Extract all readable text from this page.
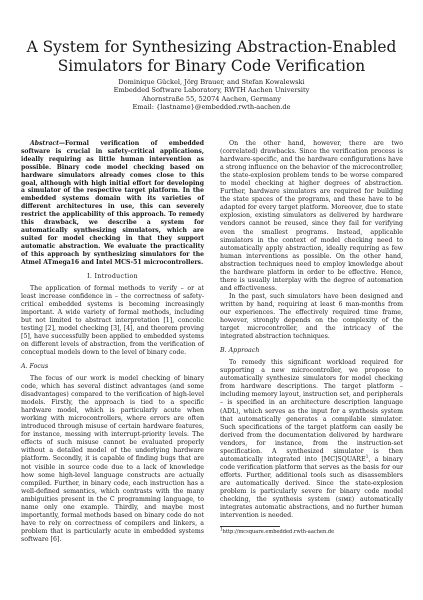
A System for Synthesizing Abstraction-Enabled
Simulators for Binary Code Verification
Dominique Gückel, Jörg Brauer, and Stefan Kowalewski
Embedded Software Laboratory, RWTH Aachen University
Ahornstraße 55, 52074 Aachen, Germany
Email: {lastname}@embedded.rwth-aachen.de

Abstract—Formal verification of embedded software is crucial in safety-critical applications, ideally requiring as little human intervention as possible. Binary code model checking based on hardware simulators already comes close to this goal, although with high initial effort for developing a simulator of the respective target platform. In the embedded systems domain with its varieties of different architectures in use, this can severely restrict the applicability of this approach. To remedy this drawback, we describe a system for automatically synthesizing simulators, which are suited for model checking in that they support automatic abstraction. We evaluate the practicality of this approach by synthesizing simulators for the Atmel ATmega16 and Intel MCS-51 microcontrollers.

I. Introduction

The application of formal methods to verify – or at least increase confidence in – the correctness of safety-critical embedded systems is becoming increasingly important. A wide variety of formal methods, including but not limited to abstract interpretation [1], concolic testing [2], model checking [3], [4], and theorem proving [5], have successfully been applied to embedded systems on different levels of abstraction, from the verification of conceptual models down to the level of binary code.

A. Focus

The focus of our work is model checking of binary code, which has several distinct advantages (and some disadvantages) compared to the verification of high-level models. Firstly, the approach is tied to a specific hardware model, which is particularly acute when working with microcontrollers, where errors are often introduced through misuse of certain hardware features, for instance, messing with interrupt-priority levels. The effects of such misuse cannot be evaluated properly without a detailed model of the underlying hardware platform. Secondly, it is capable of finding bugs that are not visible in source code due to a lack of knowledge how some high-level language constructs are actually compiled. Further, in binary code, each instruction has a well-defined semantics, which contrasts with the many ambiguities present in the C programming language, to name only one example. Thirdly, and maybe most importantly, formal methods based on binary code do not have to rely on correctness of compilers and linkers, a problem that is particularly acute in embedded systems software [6].

On the other hand, however, there are two (correlated) drawbacks. Since the verification process is hardware-specific, and the hardware configurations have a strong influence on the behavior of the microcontroller, the state-explosion problem tends to be worse compared to model checking at higher degrees of abstraction. Further, hardware simulators are required for building the state spaces of the programs, and these have to be adapted for every target platform. Moreover, due to state explosion, existing simulators as delivered by hardware vendors cannot be reused, since they fail for verifying even the smallest programs. Instead, applicable simulators in the context of model checking need to automatically apply abstraction, ideally requiring as few human interventions as possible. On the other hand, abstraction techniques need to employ knowledge about the hardware platform in order to be effective. Hence, there is usually interplay with the degree of automation and effectiveness.

In the past, such simulators have been designed and written by hand, requiring at least 6 man-months from our experiences. The effectively required time frame, however, strongly depends on the complexity of the target microcontroller, and the intricacy of the integrated abstraction techniques.

B. Approach

To remedy this significant workload required for supporting a new microcontroller, we propose to automatically synthesize simulators for model checking from hardware descriptions. The target platform – including memory layout, instruction set, and peripherals – is specified in an architecture description language (ADL), which serves as the input for a synthesis system that automatically generates a compilable simulator. Such specifications of the target platform can easily be derived from the documentation delivered by hardware vendors, for instance, from the instruction-set specification. A synthesized simulator is then automatically integrated into [MC]SQUARE$^1$, a binary code verification platform that serves as the basis for our efforts. Further, additional tools such as disassemblers are automatically derived. Since the state-explosion problem is particularly severe for binary code model checking, the synthesis system (sɪᴍᴇ) automatically integrates automatic abstractions, and no further human intervention is needed.

$^1$http://mcsquare.embedded.rwth-aachen.de
